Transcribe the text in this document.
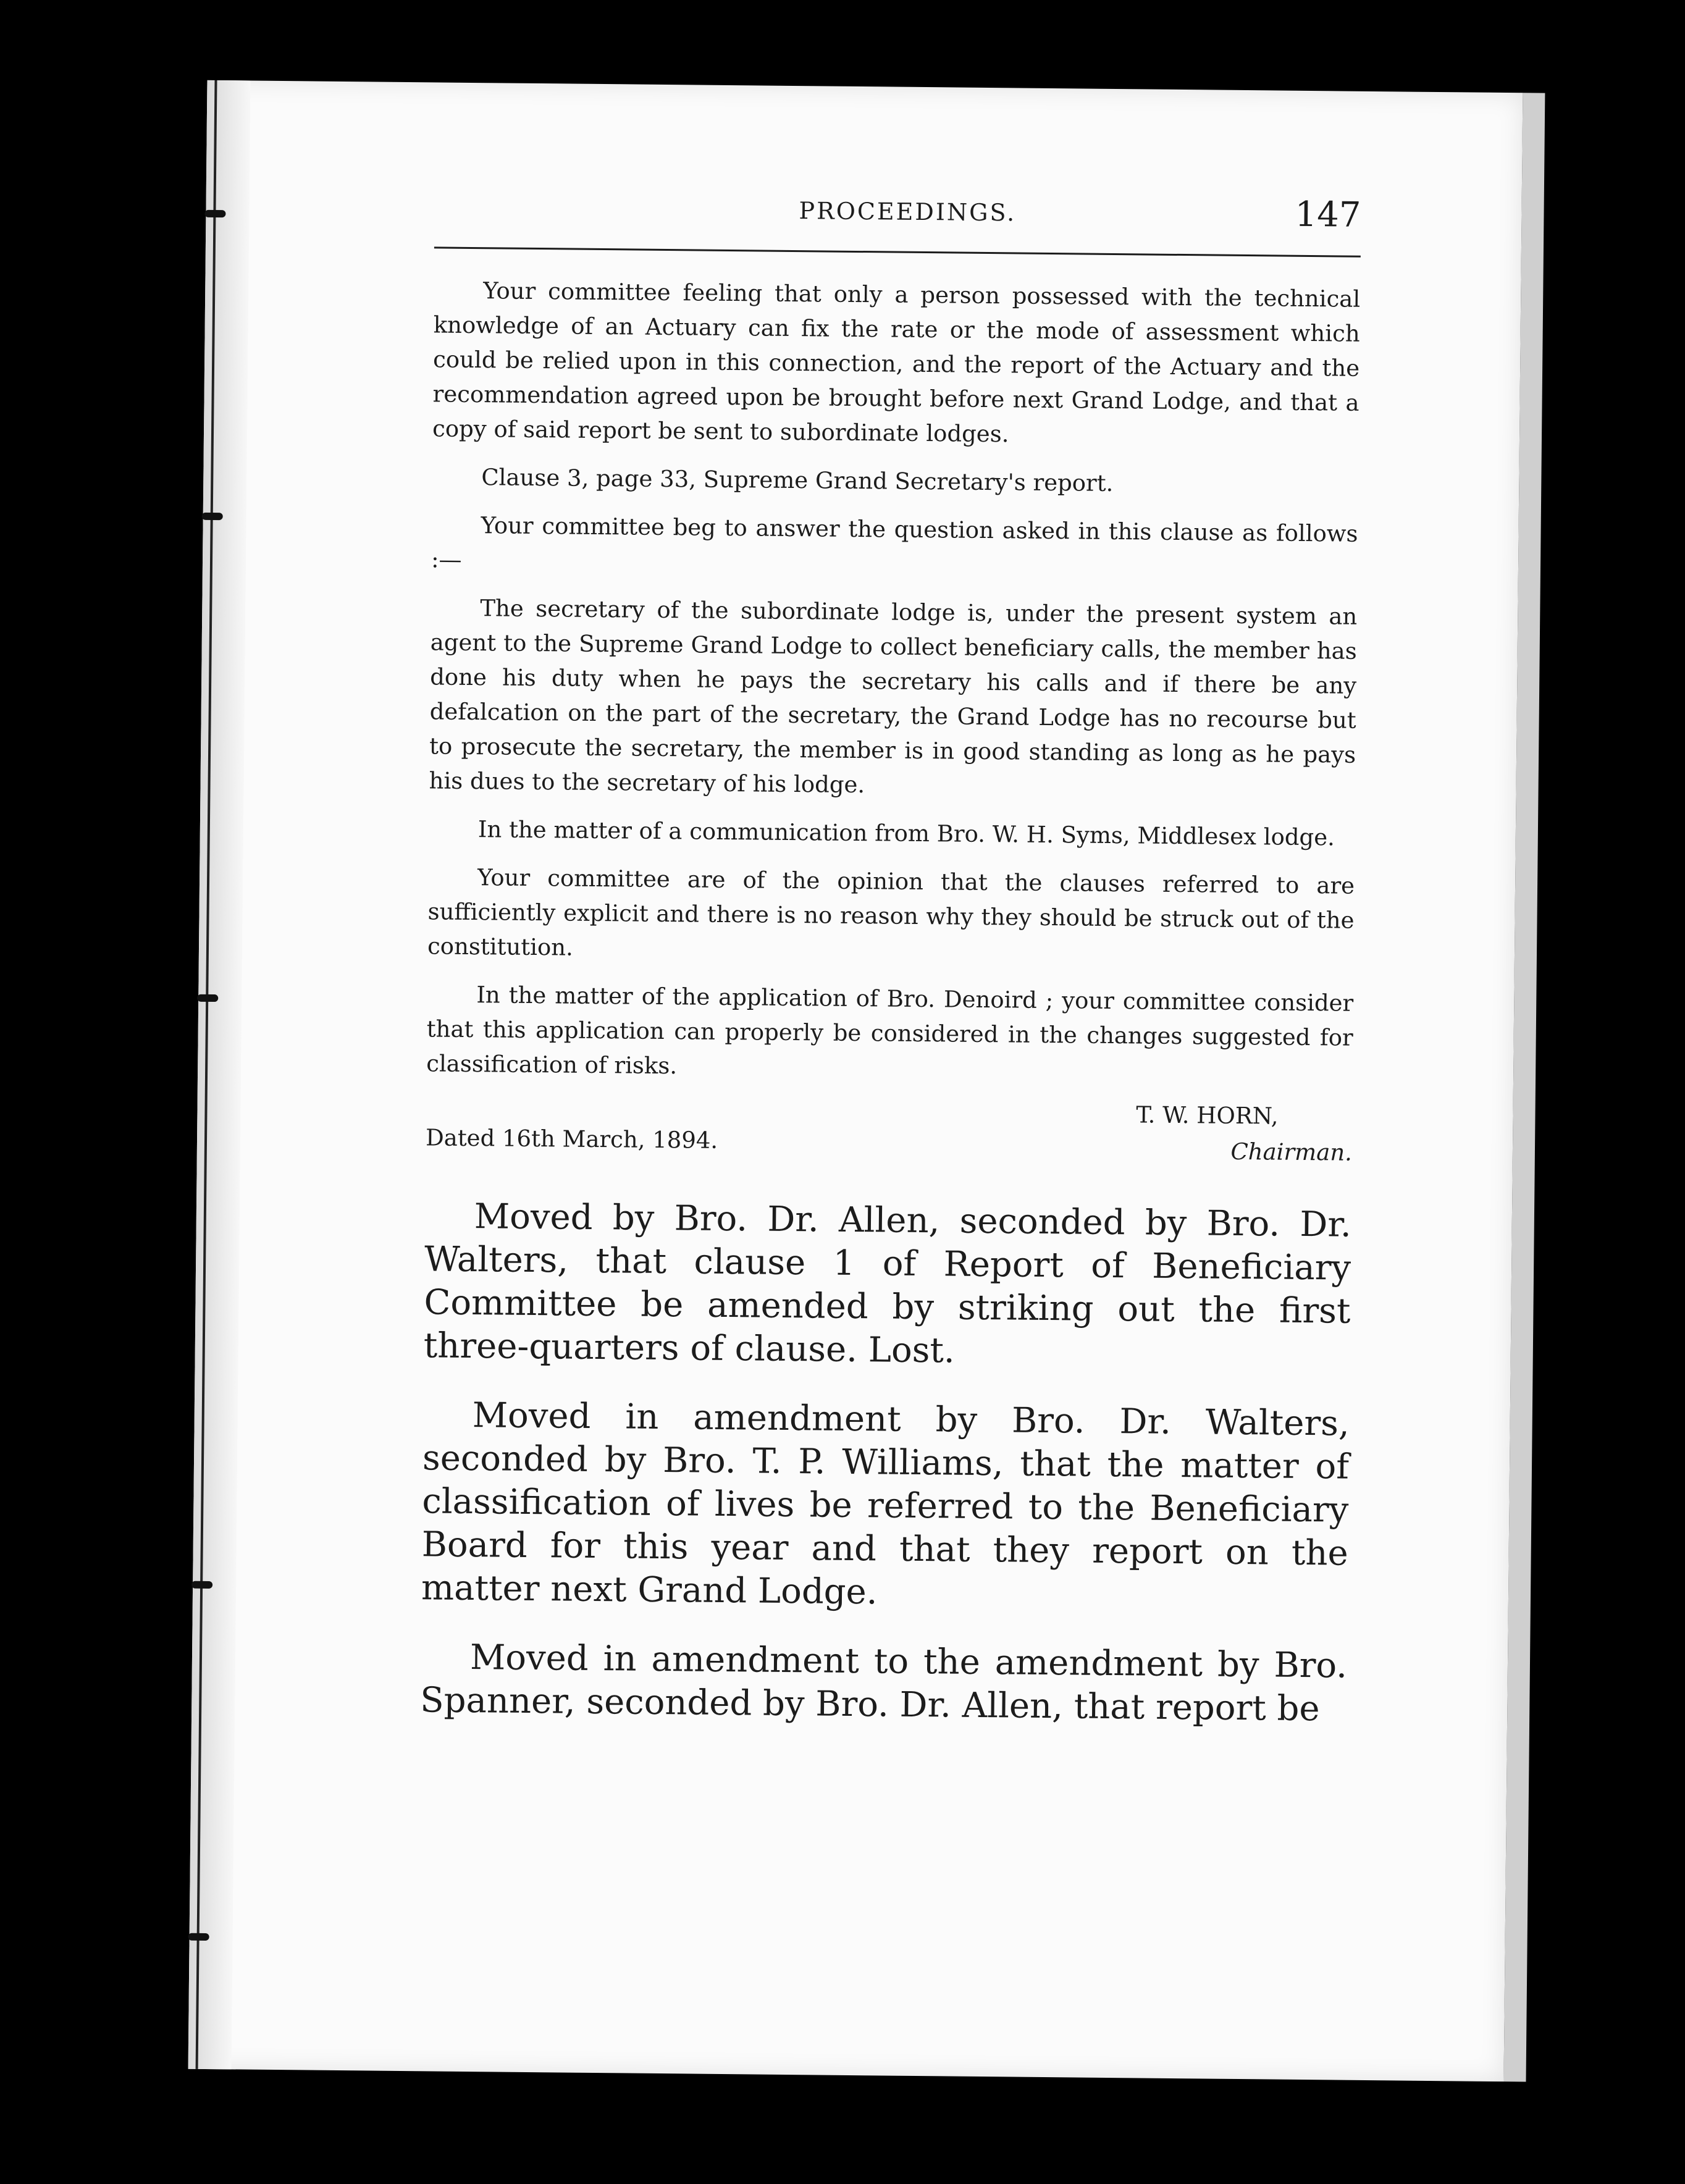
PROCEEDINGS.	147

Your committee feeling that only a person possessed with the technical knowledge of an Actuary can fix the rate or the mode of assessment which could be relied upon in this connection, and the report of the Actuary and the recommendation agreed upon be brought before next Grand Lodge, and that a copy of said report be sent to subordinate lodges.

Clause 3, page 33, Supreme Grand Secretary's report.

Your committee beg to answer the question asked in this clause as follows :—

The secretary of the subordinate lodge is, under the present system an agent to the Supreme Grand Lodge to collect beneficiary calls, the member has done his duty when he pays the secretary his calls and if there be any defalcation on the part of the secretary, the Grand Lodge has no recourse but to prosecute the secretary, the member is in good standing as long as he pays his dues to the secretary of his lodge.

In the matter of a communication from Bro. W. H. Syms, Middlesex lodge.

Your committee are of the opinion that the clauses referred to are sufficiently explicit and there is no reason why they should be struck out of the constitution.

In the matter of the application of Bro. Denoird ; your committee consider that this application can properly be considered in the changes suggested for classification of risks.

T. W. HORN,
Dated 16th March, 1894.	Chairman.

Moved by Bro. Dr. Allen, seconded by Bro. Dr. Walters, that clause 1 of Report of Beneficiary Committee be amended by striking out the first three-quarters of clause. Lost.

Moved in amendment by Bro. Dr. Walters, seconded by Bro. T. P. Williams, that the matter of classification of lives be referred to the Beneficiary Board for this year and that they report on the matter next Grand Lodge.

Moved in amendment to the amendment by Bro. Spanner, seconded by Bro. Dr. Allen, that report be
